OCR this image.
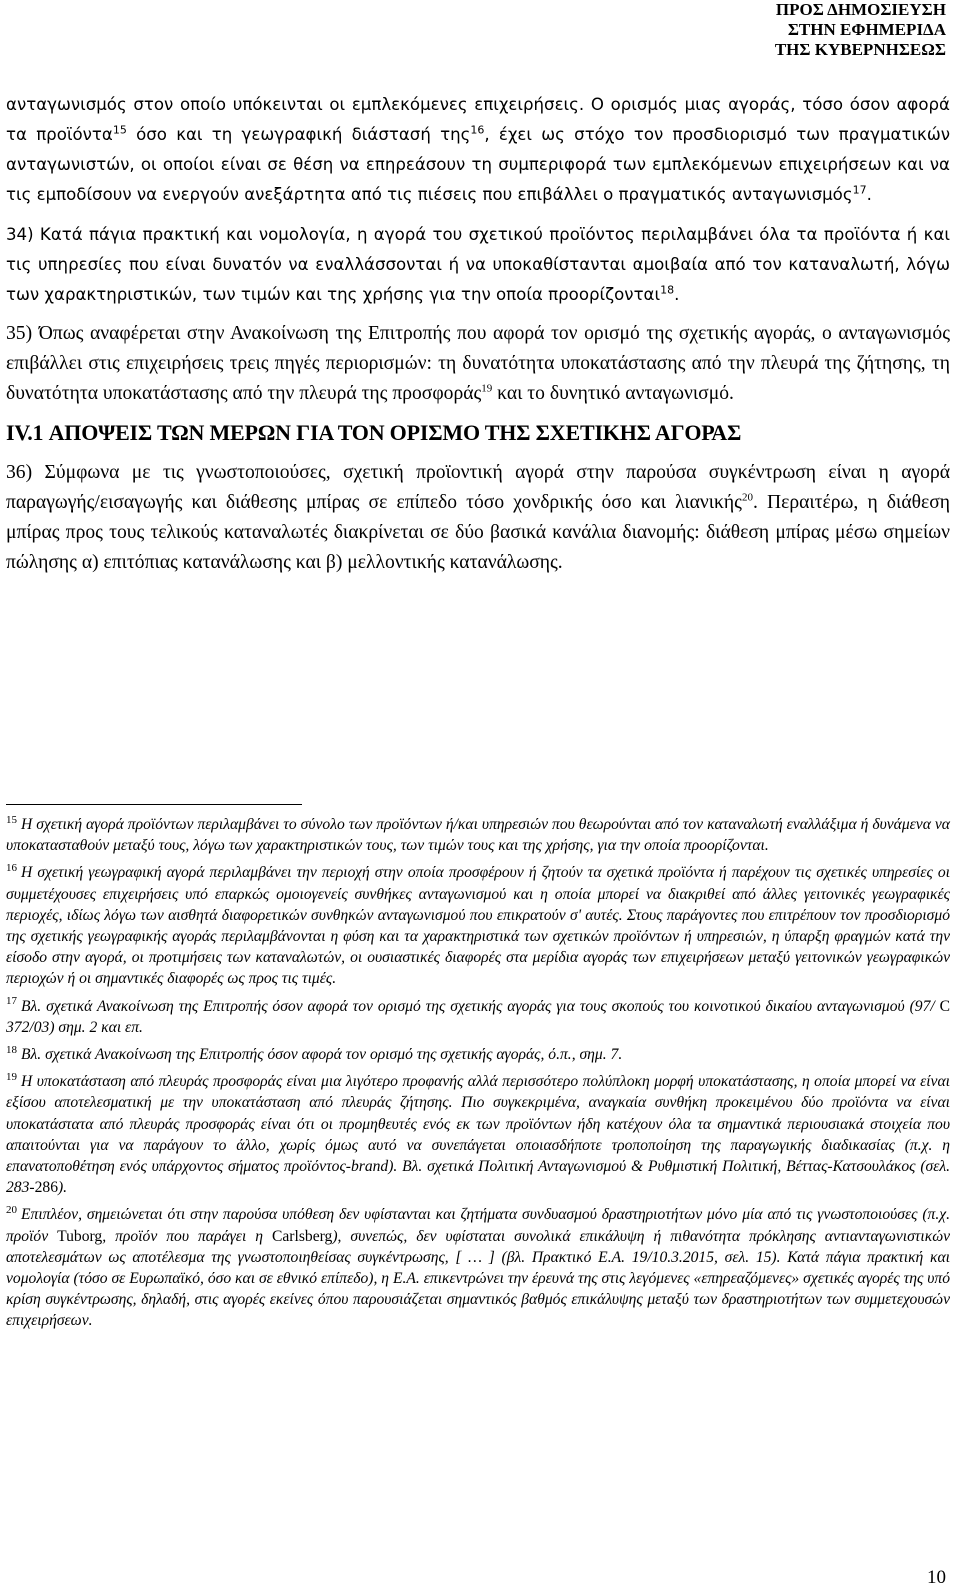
ΠΡΟΣ ΔΗΜΟΣΙΕΥΣΗ
ΣΤΗΝ ΕΦΗΜΕΡΙΔΑ
ΤΗΣ ΚΥΒΕΡΝΗΣΕΩΣ

ανταγωνισμός στον οποίο υπόκεινται οι εμπλεκόμενες επιχειρήσεις. Ο ορισμός μιας αγοράς, τόσο όσον αφορά τα προϊόντα$^{15}$ όσο και τη γεωγραφική διάστασή της$^{16}$, έχει ως στόχο τον προσδιορισμό των πραγματικών ανταγωνιστών, οι οποίοι είναι σε θέση να επηρεάσουν τη συμπεριφορά των εμπλεκόμενων επιχειρήσεων και να τις εμποδίσουν να ενεργούν ανεξάρτητα από τις πιέσεις που επιβάλλει ο πραγματικός ανταγωνισμός$^{17}$.

34) Κατά πάγια πρακτική και νομολογία, η αγορά του σχετικού προϊόντος περιλαμβάνει όλα τα προϊόντα ή και τις υπηρεσίες που είναι δυνατόν να εναλλάσσονται ή να υποκαθίστανται αμοιβαία από τον καταναλωτή, λόγω των χαρακτηριστικών, των τιμών και της χρήσης για την οποία προορίζονται$^{18}$.

35) Όπως αναφέρεται στην Ανακοίνωση της Επιτροπής που αφορά τον ορισμό της σχετικής αγοράς, ο ανταγωνισμός επιβάλλει στις επιχειρήσεις τρεις πηγές περιορισμών: τη δυνατότητα υποκατάστασης από την πλευρά της ζήτησης, τη δυνατότητα υποκατάστασης από την πλευρά της προσφοράς$^{19}$ και το δυνητικό ανταγωνισμό.

IV.1 ΑΠΟΨΕΙΣ ΤΩΝ ΜΕΡΩΝ ΓΙΑ ΤΟΝ ΟΡΙΣΜΟ ΤΗΣ ΣΧΕΤΙΚΗΣ ΑΓΟΡΑΣ

36) Σύμφωνα με τις γνωστοποιούσες, σχετική προϊοντική αγορά στην παρούσα συγκέντρωση είναι η αγορά παραγωγής/εισαγωγής και διάθεσης μπίρας σε επίπεδο τόσο χονδρικής όσο και λιανικής$^{20}$. Περαιτέρω, η διάθεση μπίρας προς τους τελικούς καταναλωτές διακρίνεται σε δύο βασικά κανάλια διανομής: διάθεση μπίρας μέσω σημείων πώλησης α) επιτόπιας κατανάλωσης και β) μελλοντικής κατανάλωσης.

$^{15}$ Η σχετική αγορά προϊόντων περιλαμβάνει το σύνολο των προϊόντων ή/και υπηρεσιών που θεωρούνται από τον καταναλωτή εναλλάξιμα ή δυνάμενα να υποκατασταθούν μεταξύ τους, λόγω των χαρακτηριστικών τους, των τιμών τους και της χρήσης, για την οποία προορίζονται.

$^{16}$ Η σχετική γεωγραφική αγορά περιλαμβάνει την περιοχή στην οποία προσφέρουν ή ζητούν τα σχετικά προϊόντα ή παρέχουν τις σχετικές υπηρεσίες οι συμμετέχουσες επιχειρήσεις υπό επαρκώς ομοιογενείς συνθήκες ανταγωνισμού και η οποία μπορεί να διακριθεί από άλλες γειτονικές γεωγραφικές περιοχές, ιδίως λόγω των αισθητά διαφορετικών συνθηκών ανταγωνισμού που επικρατούν σ' αυτές. Στους παράγοντες που επιτρέπουν τον προσδιορισμό της σχετικής γεωγραφικής αγοράς περιλαμβάνονται η φύση και τα χαρακτηριστικά των σχετικών προϊόντων ή υπηρεσιών, η ύπαρξη φραγμών κατά την είσοδο στην αγορά, οι προτιμήσεις των καταναλωτών, οι ουσιαστικές διαφορές στα μερίδια αγοράς των επιχειρήσεων μεταξύ γειτονικών γεωγραφικών περιοχών ή οι σημαντικές διαφορές ως προς τις τιμές.

$^{17}$ Βλ. σχετικά Ανακοίνωση της Επιτροπής όσον αφορά τον ορισμό της σχετικής αγοράς για τους σκοπούς του κοινοτικού δικαίου ανταγωνισμού (97/ C 372/03) σημ. 2 και επ.

$^{18}$ Βλ. σχετικά Ανακοίνωση της Επιτροπής όσον αφορά τον ορισμό της σχετικής αγοράς, ό.π., σημ. 7.

$^{19}$ Η υποκατάσταση από πλευράς προσφοράς είναι μια λιγότερο προφανής αλλά περισσότερο πολύπλοκη μορφή υποκατάστασης, η οποία μπορεί να είναι εξίσου αποτελεσματική με την υποκατάσταση από πλευράς ζήτησης. Πιο συγκεκριμένα, αναγκαία συνθήκη προκειμένου δύο προϊόντα να είναι υποκατάστατα από πλευράς προσφοράς είναι ότι οι προμηθευτές ενός εκ των προϊόντων ήδη κατέχουν όλα τα σημαντικά περιουσιακά στοιχεία που απαιτούνται για να παράγουν το άλλο, χωρίς όμως αυτό να συνεπάγεται οποιασδήποτε τροποποίηση της παραγωγικής διαδικασίας (π.χ. η επανατοποθέτηση ενός υπάρχοντος σήματος προϊόντος-brand). Βλ. σχετικά Πολιτική Ανταγωνισμού & Ρυθμιστική Πολιτική, Βέττας-Κατσουλάκος (σελ. 283-286).

$^{20}$ Επιπλέον, σημειώνεται ότι στην παρούσα υπόθεση δεν υφίστανται και ζητήματα συνδυασμού δραστηριοτήτων μόνο μία από τις γνωστοποιούσες (π.χ. προϊόν Tuborg, προϊόν που παράγει η Carlsberg), συνεπώς, δεν υφίσταται συνολικά επικάλυψη ή πιθανότητα πρόκλησης αντιανταγωνιστικών αποτελεσμάτων ως αποτέλεσμα της γνωστοποιηθείσας συγκέντρωσης, [ … ] (βλ. Πρακτικό Ε.Α. 19/10.3.2015, σελ. 15). Κατά πάγια πρακτική και νομολογία (τόσο σε Ευρωπαϊκό, όσο και σε εθνικό επίπεδο), η Ε.Α. επικεντρώνει την έρευνά της στις λεγόμενες «επηρεαζόμενες» σχετικές αγορές της υπό κρίση συγκέντρωσης, δηλαδή, στις αγορές εκείνες όπου παρουσιάζεται σημαντικός βαθμός επικάλυψης μεταξύ των δραστηριοτήτων των συμμετεχουσών επιχειρήσεων.

10
